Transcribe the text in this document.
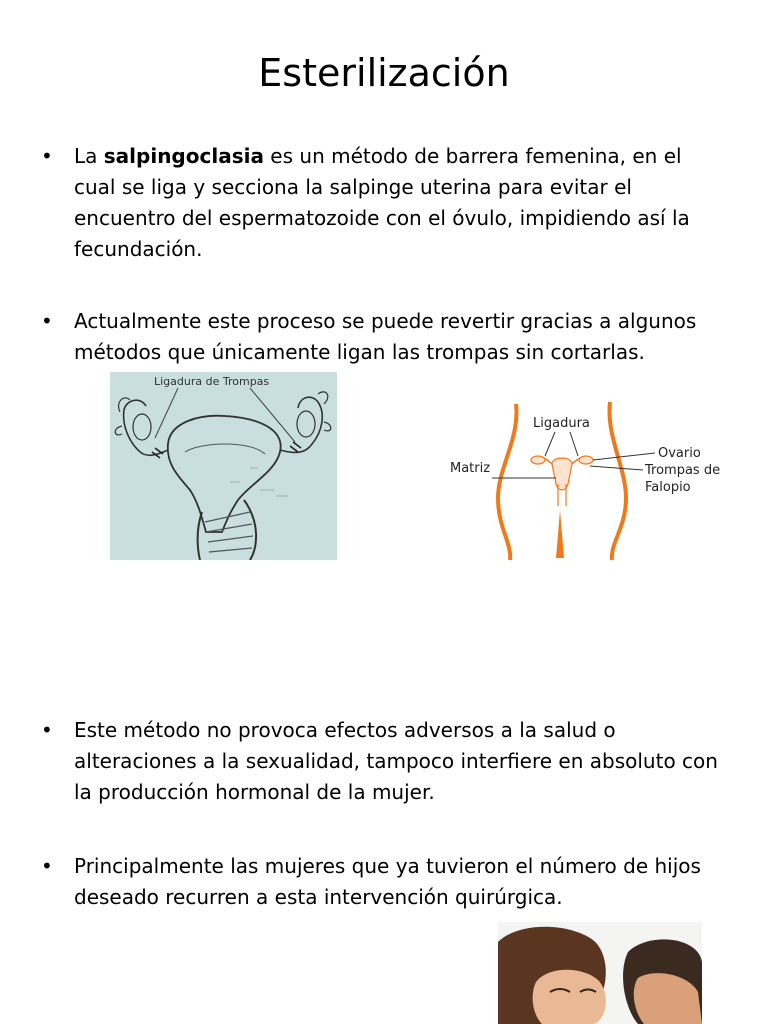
Esterilización
• La salpingoclasia es un método de barrera femenina, en el cual se liga y secciona la salpinge uterina para evitar el encuentro del espermatozoide con el óvulo, impidiendo así la fecundación.
• Actualmente este proceso se puede revertir gracias a algunos métodos que únicamente ligan las trompas sin cortarlas.
Ligadura de Trompas
Ligadura
Matriz
Ovario
Trompas de
Falopio
• Este método no provoca efectos adversos a la salud o alteraciones a la sexualidad, tampoco interfiere en absoluto con la producción hormonal de la mujer.
• Principalmente las mujeres que ya tuvieron el número de hijos deseado recurren a esta intervención quirúrgica.
